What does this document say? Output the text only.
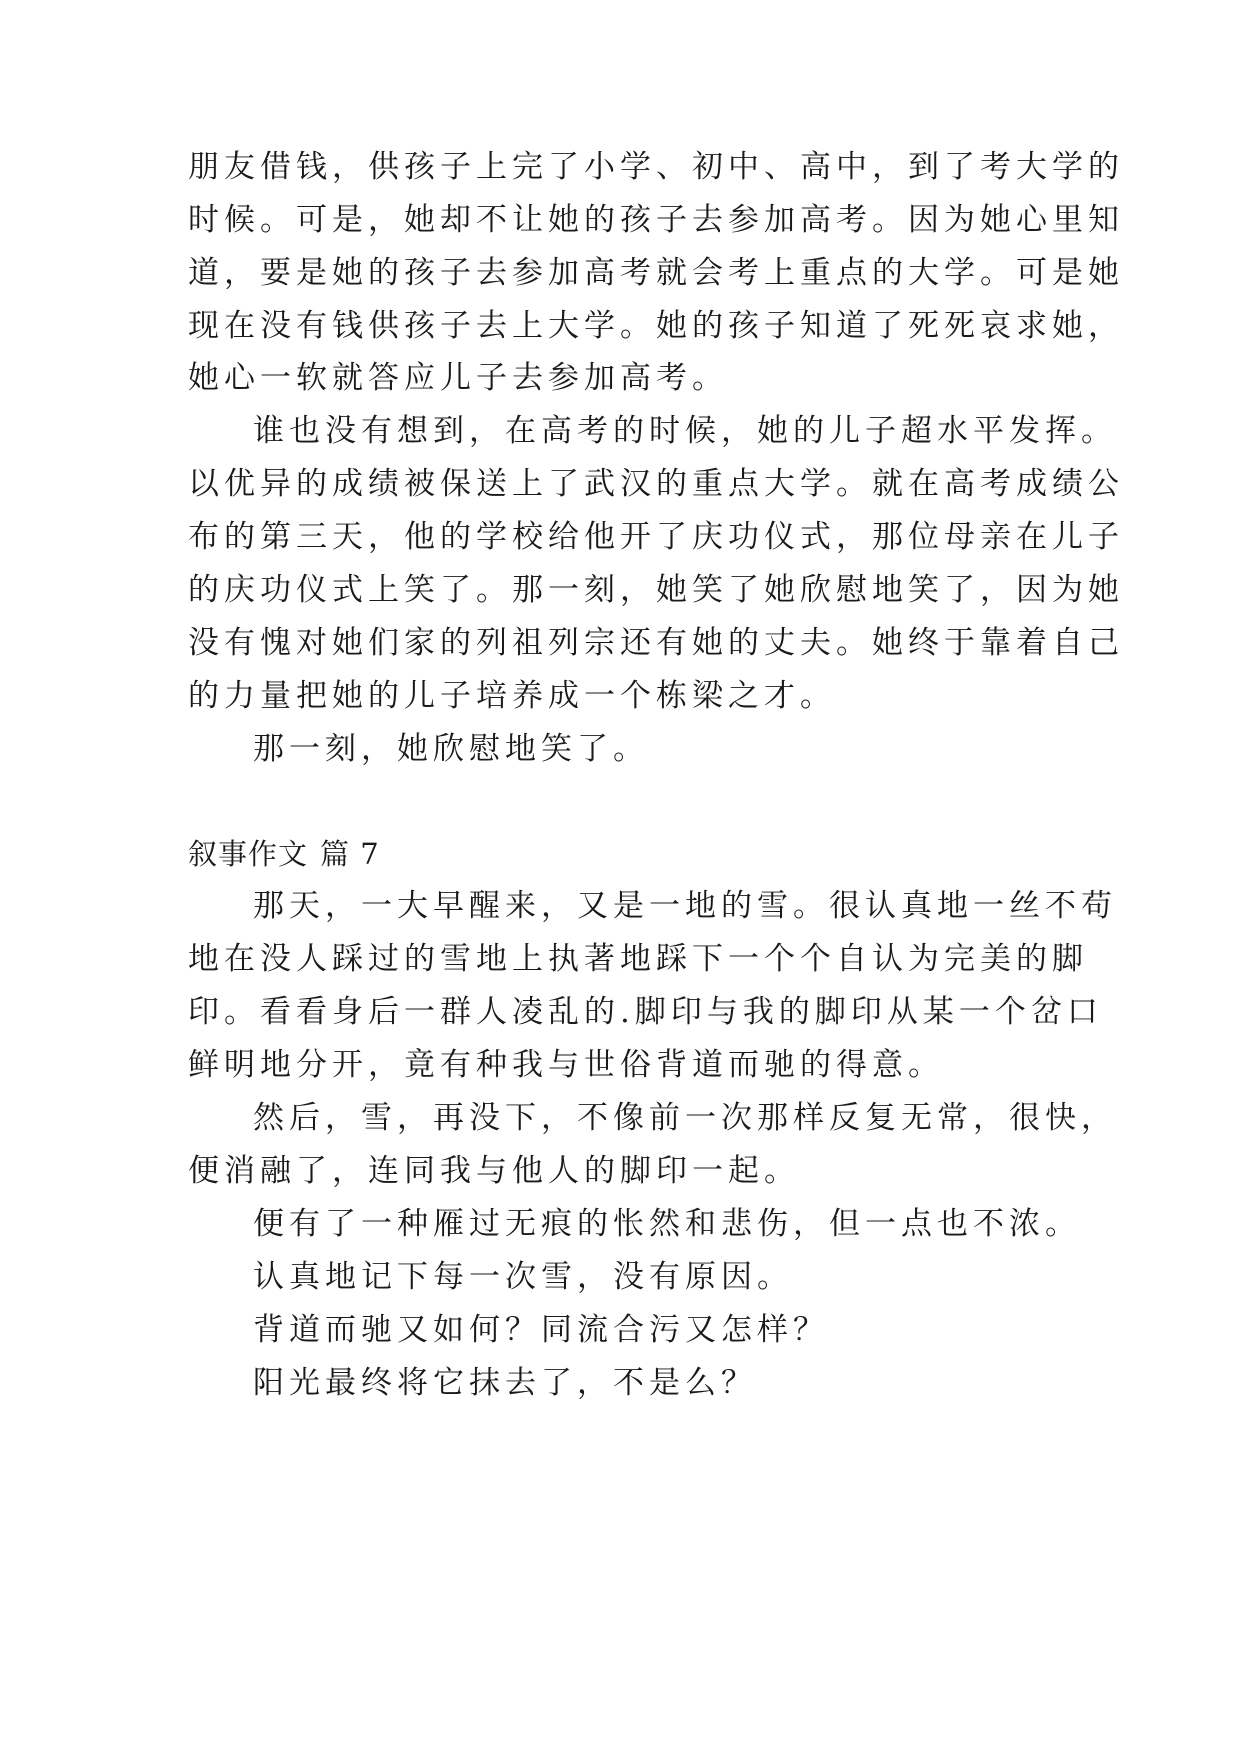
朋友借钱，供孩子上完了小学、初中、高中，到了考大学的
时候。可是，她却不让她的孩子去参加高考。因为她心里知
道，要是她的孩子去参加高考就会考上重点的大学。可是她
现在没有钱供孩子去上大学。她的孩子知道了死死哀求她，
她心一软就答应儿子去参加高考。
谁也没有想到，在高考的时候，她的儿子超水平发挥。
以优异的成绩被保送上了武汉的重点大学。就在高考成绩公
布的第三天，他的学校给他开了庆功仪式，那位母亲在儿子
的庆功仪式上笑了。那一刻，她笑了她欣慰地笑了，因为她
没有愧对她们家的列祖列宗还有她的丈夫。她终于靠着自己
的力量把她的儿子培养成一个栋梁之才。
那一刻，她欣慰地笑了。
叙事作文 篇 7
那天，一大早醒来，又是一地的雪。很认真地一丝不苟
地在没人踩过的雪地上执著地踩下一个个自认为完美的脚
印。看看身后一群人凌乱的.脚印与我的脚印从某一个岔口
鲜明地分开，竟有种我与世俗背道而驰的得意。
然后，雪，再没下，不像前一次那样反复无常，很快，
便消融了，连同我与他人的脚印一起。
便有了一种雁过无痕的怅然和悲伤，但一点也不浓。
认真地记下每一次雪，没有原因。
背道而驰又如何？同流合污又怎样？
阳光最终将它抹去了，不是么？
